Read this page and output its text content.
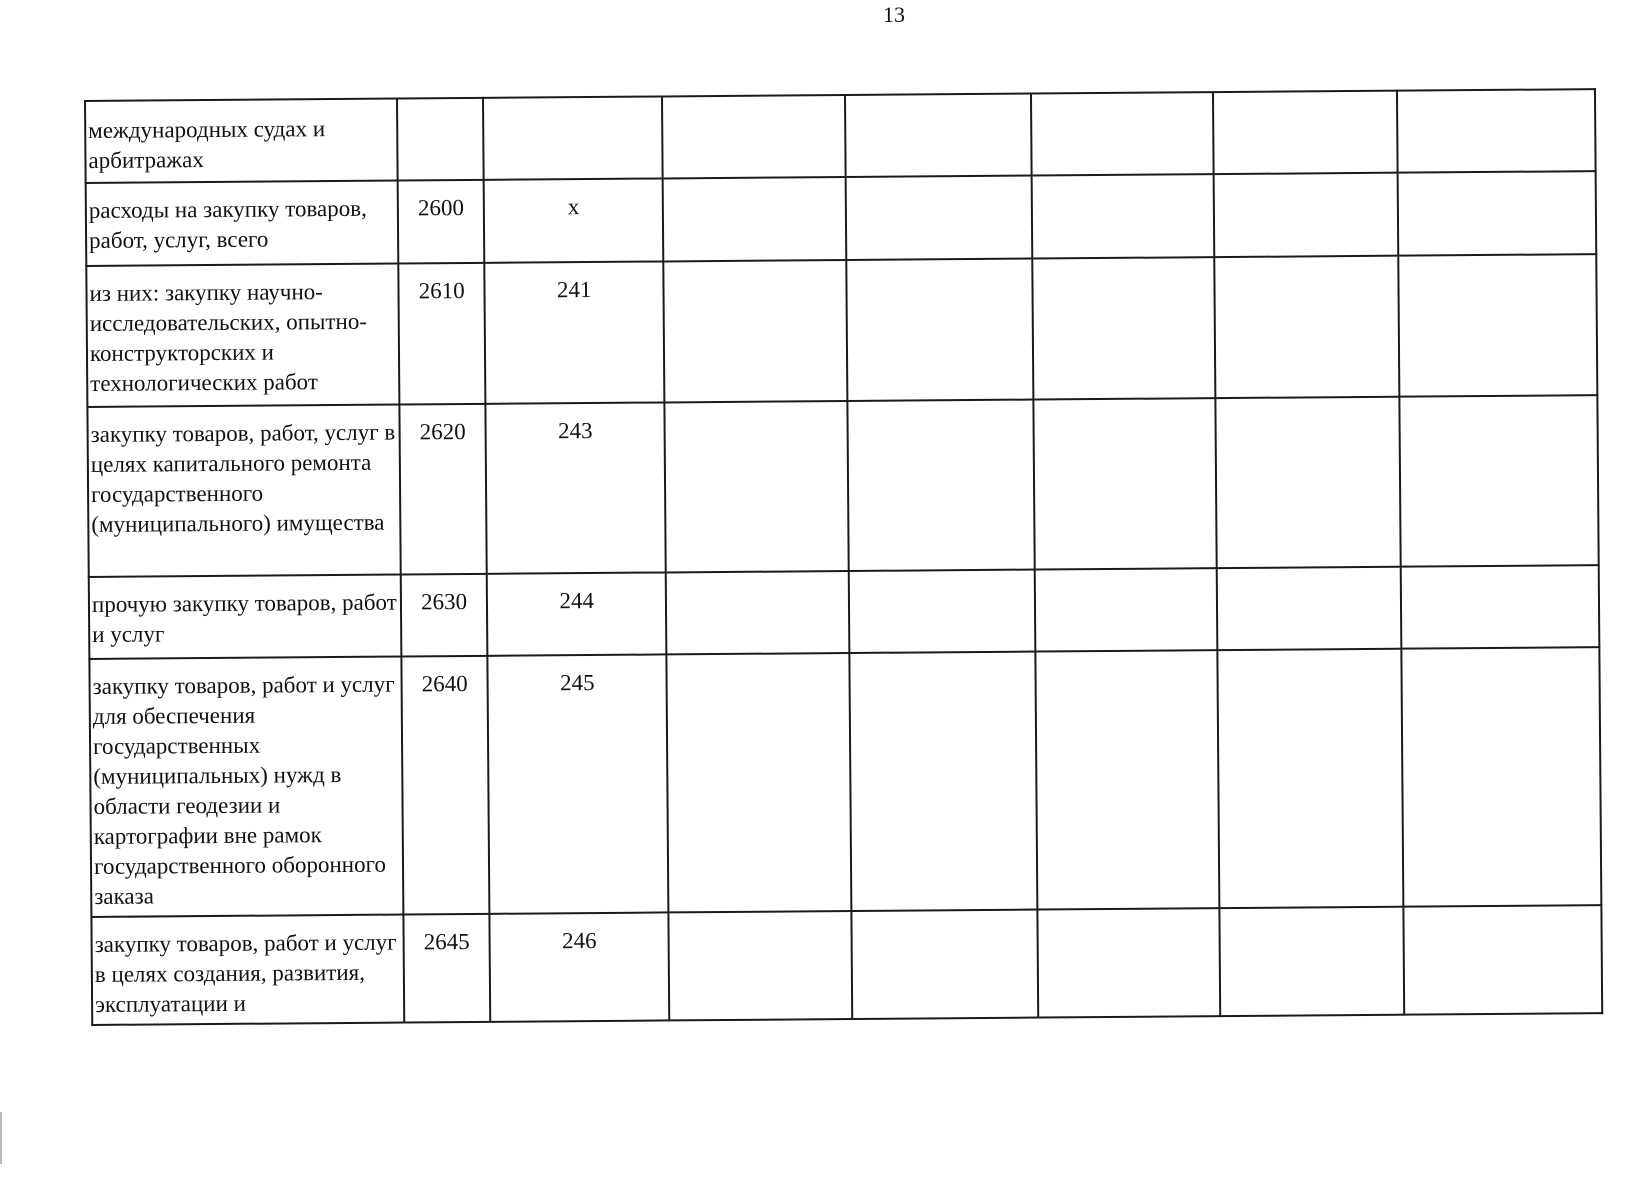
13
международных судах и арбитражах							
расходы на закупку товаров, работ, услуг, всего	2600	x					
из них: закупку научно-исследовательских, опытно-конструкторских и технологических работ	2610	241					
закупку товаров, работ, услуг в целях капитального ремонта государственного (муниципального) имущества	2620	243					
прочую закупку товаров, работ и услуг	2630	244					
закупку товаров, работ и услуг для обеспечения государственных (муниципальных) нужд в области геодезии и картографии вне рамок государственного оборонного заказа	2640	245					
закупку товаров, работ и услуг в целях создания, развития, эксплуатации и	2645	246					
